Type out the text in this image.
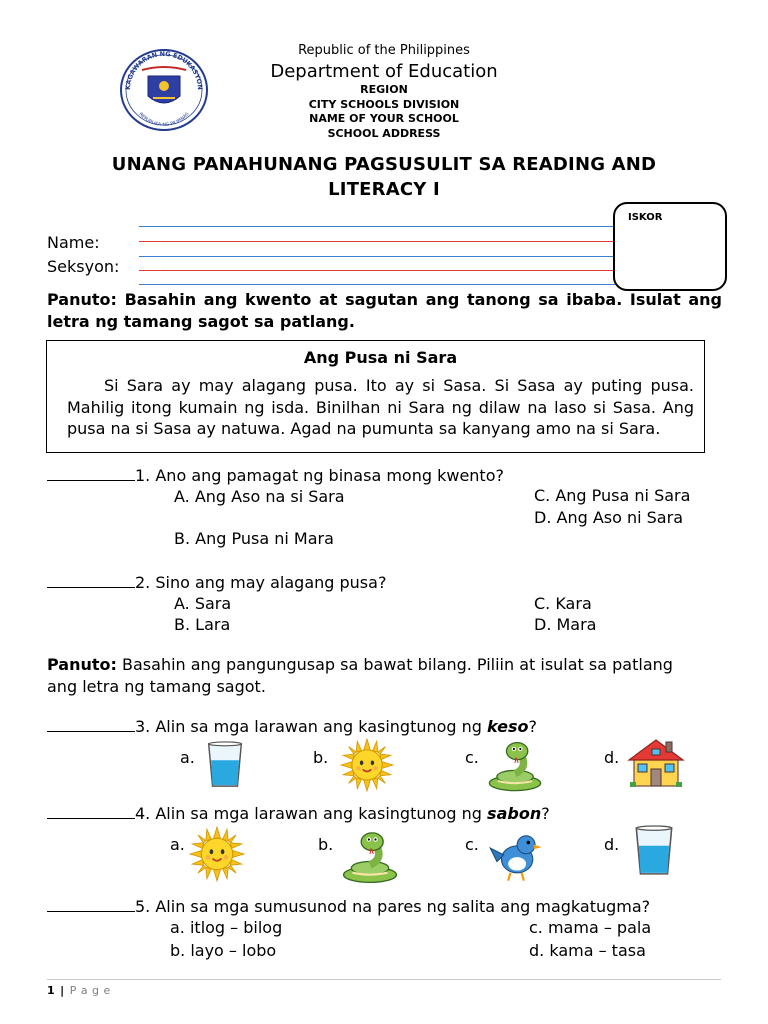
KAGAWARAN NG EDUKASYON
REPUBLIKA NG PILIPINAS
Republic of the Philippines
Department of Education
REGION
CITY SCHOOLS DIVISION
NAME OF YOUR SCHOOL
SCHOOL ADDRESS
UNANG PANAHUNANG PAGSUSULIT SA READING AND LITERACY I
Name:
Seksyon:
ISKOR
Panuto: Basahin ang kwento at sagutan ang tanong sa ibaba. Isulat ang letra ng tamang sagot sa patlang.
1. Ano ang pamagat ng binasa mong kwento?
A. Ang Aso na si Sara
B. Ang Pusa ni Mara
C. Ang Pusa ni Sara
D. Ang Aso ni Sara
Ang Pusa ni Sara

Si Sara ay may alagang pusa. Ito ay si Sasa. Si Sasa ay puting pusa. Mahilig itong kumain ng isda. Binilhan ni Sara ng dilaw na laso si Sasa. Ang pusa na si Sasa ay natuwa. Agad na pumunta sa kanyang amo na si Sara.

2. Sino ang may alagang pusa?
A. Sara
B. Lara
C. Kara
D. Mara
Panuto: Basahin ang pangungusap sa bawat bilang. Piliin at isulat sa patlang ang letra ng tamang sagot.
3. Alin sa mga larawan ang kasingtunog ng keso?
a.	b.	c.	d.
4. Alin sa mga larawan ang kasingtunog ng sabon?
a.	b.	c.	d.
5. Alin sa mga sumusunod na pares ng salita ang magkatugma?
a. itlog – bilog
b. layo – lobo
c. mama – pala
d. kama – tasa
1 | P a g e
